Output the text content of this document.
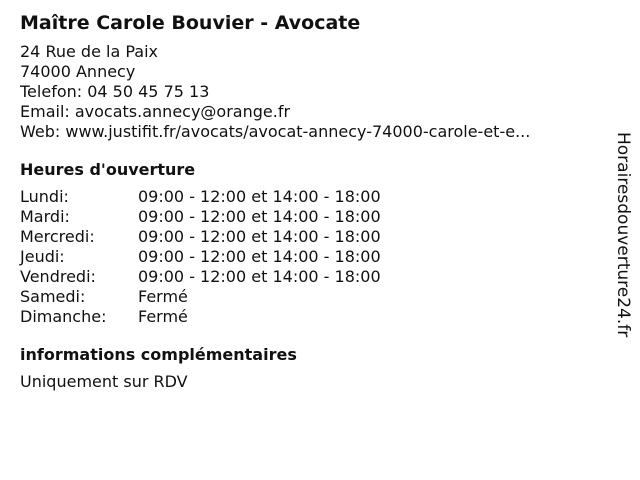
Maître Carole Bouvier - Avocate
24 Rue de la Paix
74000 Annecy
Telefon: 04 50 45 75 13
Email: avocats.annecy@orange.fr
Web: www.justifit.fr/avocats/avocat-annecy-74000-carole-et-e...
Heures d'ouverture
Lundi:	09:00 - 12:00 et 14:00 - 18:00
Mardi:	09:00 - 12:00 et 14:00 - 18:00
Mercredi:	09:00 - 12:00 et 14:00 - 18:00
Jeudi:	09:00 - 12:00 et 14:00 - 18:00
Vendredi:	09:00 - 12:00 et 14:00 - 18:00
Samedi:	Fermé
Dimanche:	Fermé
informations complémentaires
Uniquement sur RDV
Horairesdouverture24.fr
